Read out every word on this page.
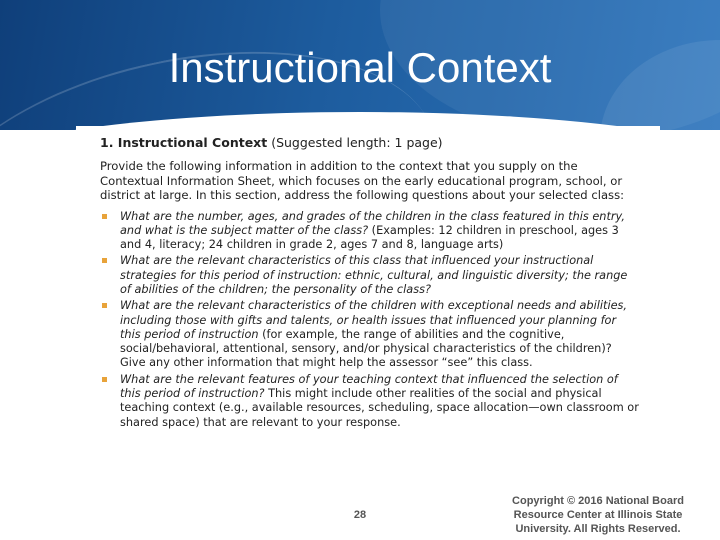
Instructional Context

1. Instructional Context (Suggested length: 1 page)

Provide the following information in addition to the context that you supply on the Contextual Information Sheet, which focuses on the early educational program, school, or district at large. In this section, address the following questions about your selected class:

What are the number, ages, and grades of the children in the class featured in this entry, and what is the subject matter of the class? (Examples: 12 children in preschool, ages 3 and 4, literacy; 24 children in grade 2, ages 7 and 8, language arts)
What are the relevant characteristics of this class that influenced your instructional strategies for this period of instruction: ethnic, cultural, and linguistic diversity; the range of abilities of the children; the personality of the class?
What are the relevant characteristics of the children with exceptional needs and abilities, including those with gifts and talents, or health issues that influenced your planning for this period of instruction (for example, the range of abilities and the cognitive, social/behavioral, attentional, sensory, and/or physical characteristics of the children)? Give any other information that might help the assessor “see” this class.
What are the relevant features of your teaching context that influenced the selection of this period of instruction? This might include other realities of the social and physical teaching context (e.g., available resources, scheduling, space allocation—own classroom or shared space) that are relevant to your response.
28
Copyright © 2016 National Board Resource Center at Illinois State University. All Rights Reserved.
